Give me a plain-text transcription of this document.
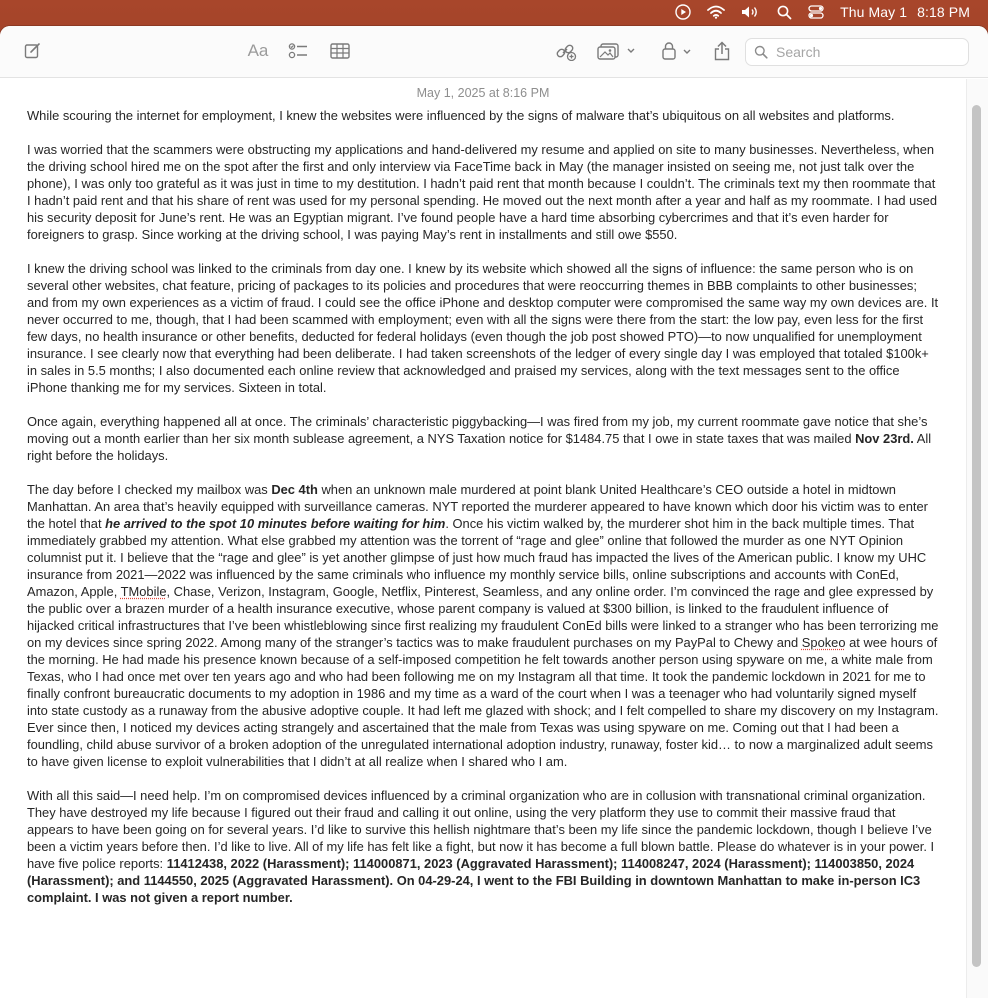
Thu May 1 8:18 PM
Aa
Search
May 1, 2025 at 8:16 PM

While scouring the internet for employment, I knew the websites were influenced by the signs of malware that’s ubiquitous on all websites and platforms.

I was worried that the scammers were obstructing my applications and hand-delivered my resume and applied on site to many businesses. Nevertheless, when the driving school hired me on the spot after the first and only interview via FaceTime back in May (the manager insisted on seeing me, not just talk over the phone), I was only too grateful as it was just in time to my destitution. I hadn’t paid rent that month because I couldn’t. The criminals text my then roommate that I hadn’t paid rent and that his share of rent was used for my personal spending. He moved out the next month after a year and half as my roommate. I had used his security deposit for June’s rent. He was an Egyptian migrant. I’ve found people have a hard time absorbing cybercrimes and that it’s even harder for foreigners to grasp. Since working at the driving school, I was paying May’s rent in installments and still owe $550.

I knew the driving school was linked to the criminals from day one. I knew by its website which showed all the signs of influence: the same person who is on several other websites, chat feature, pricing of packages to its policies and procedures that were reoccurring themes in BBB complaints to other businesses; and from my own experiences as a victim of fraud. I could see the office iPhone and desktop computer were compromised the same way my own devices are. It never occurred to me, though, that I had been scammed with employment; even with all the signs were there from the start: the low pay, even less for the first few days, no health insurance or other benefits, deducted for federal holidays (even though the job post showed PTO)—to now unqualified for unemployment insurance. I see clearly now that everything had been deliberate. I had taken screenshots of the ledger of every single day I was employed that totaled $100k+ in sales in 5.5 months; I also documented each online review that acknowledged and praised my services, along with the text messages sent to the office iPhone thanking me for my services. Sixteen in total.

Once again, everything happened all at once. The criminals’ characteristic piggybacking—I was fired from my job, my current roommate gave notice that she’s moving out a month earlier than her six month sublease agreement, a NYS Taxation notice for $1484.75 that I owe in state taxes that was mailed Nov 23rd. All right before the holidays.

The day before I checked my mailbox was Dec 4th when an unknown male murdered at point blank United Healthcare’s CEO outside a hotel in midtown Manhattan. An area that’s heavily equipped with surveillance cameras. NYT reported the murderer appeared to have known which door his victim was to enter the hotel that he arrived to the spot 10 minutes before waiting for him. Once his victim walked by, the murderer shot him in the back multiple times. That immediately grabbed my attention. What else grabbed my attention was the torrent of “rage and glee” online that followed the murder as one NYT Opinion columnist put it. I believe that the “rage and glee” is yet another glimpse of just how much fraud has impacted the lives of the American public. I know my UHC insurance from 2021—2022 was influenced by the same criminals who influence my monthly service bills, online subscriptions and accounts with ConEd, Amazon, Apple, TMobile, Chase, Verizon, Instagram, Google, Netflix, Pinterest, Seamless, and any online order. I’m convinced the rage and glee expressed by the public over a brazen murder of a health insurance executive, whose parent company is valued at $300 billion, is linked to the fraudulent influence of hijacked critical infrastructures that I’ve been whistleblowing since first realizing my fraudulent ConEd bills were linked to a stranger who has been terrorizing me on my devices since spring 2022. Among many of the stranger’s tactics was to make fraudulent purchases on my PayPal to Chewy and Spokeo at wee hours of the morning. He had made his presence known because of a self-imposed competition he felt towards another person using spyware on me, a white male from Texas, who I had once met over ten years ago and who had been following me on my Instagram all that time. It took the pandemic lockdown in 2021 for me to finally confront bureaucratic documents to my adoption in 1986 and my time as a ward of the court when I was a teenager who had voluntarily signed myself into state custody as a runaway from the abusive adoptive couple. It had left me glazed with shock; and I felt compelled to share my discovery on my Instagram. Ever since then, I noticed my devices acting strangely and ascertained that the male from Texas was using spyware on me. Coming out that I had been a foundling, child abuse survivor of a broken adoption of the unregulated international adoption industry, runaway, foster kid… to now a marginalized adult seems to have given license to exploit vulnerabilities that I didn’t at all realize when I shared who I am.

With all this said—I need help. I’m on compromised devices influenced by a criminal organization who are in collusion with transnational criminal organization. They have destroyed my life because I figured out their fraud and calling it out online, using the very platform they use to commit their massive fraud that appears to have been going on for several years. I’d like to survive this hellish nightmare that’s been my life since the pandemic lockdown, though I believe I’ve been a victim years before then. I’d like to live. All of my life has felt like a fight, but now it has become a full blown battle. Please do whatever is in your power. I have five police reports: 11412438, 2022 (Harassment); 114000871, 2023 (Aggravated Harassment); 114008247, 2024 (Harassment); 114003850, 2024 (Harassment); and 1144550, 2025 (Aggravated Harassment). On 04-29-24, I went to the FBI Building in downtown Manhattan to make in-person IC3 complaint. I was not given a report number.
